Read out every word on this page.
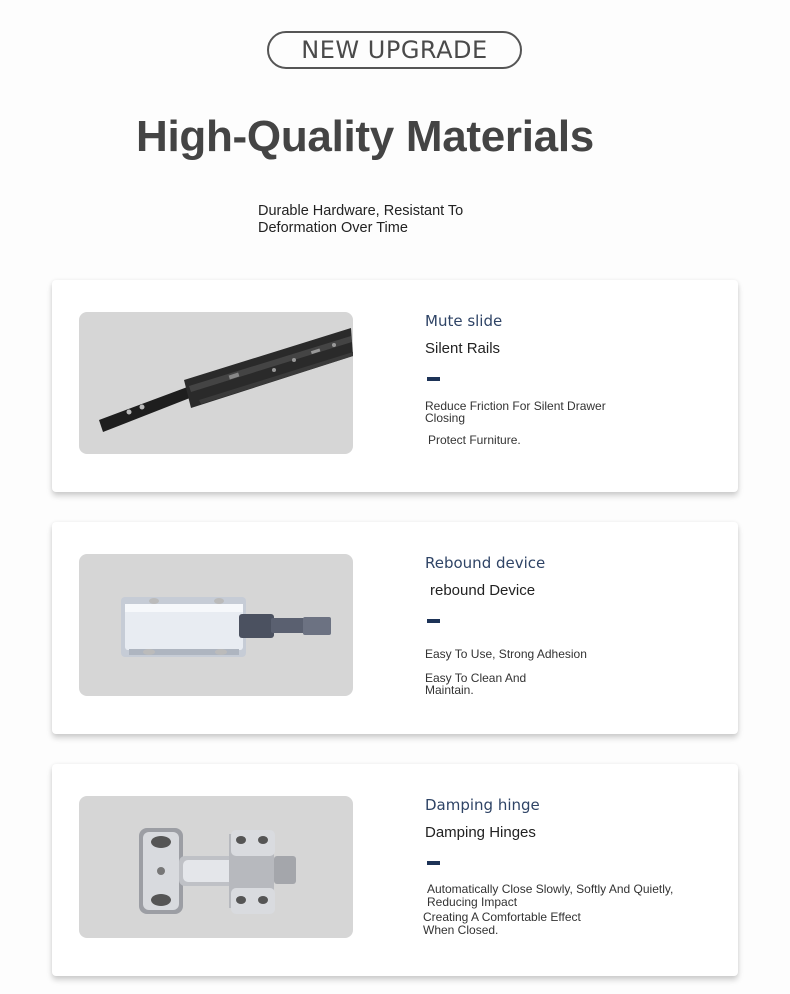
NEW UPGRADE
High-Quality Materials

Durable Hardware, Resistant To Deformation Over Time

Mute slide
Silent Rails
Reduce Friction For Silent Drawer Closing
Protect Furniture.
Rebound device
rebound Device
Easy To Use, Strong Adhesion
Easy To Clean And Maintain.
Damping hinge
Damping Hinges
Automatically Close Slowly, Softly And Quietly, Reducing Impact
Creating A Comfortable Effect When Closed.
